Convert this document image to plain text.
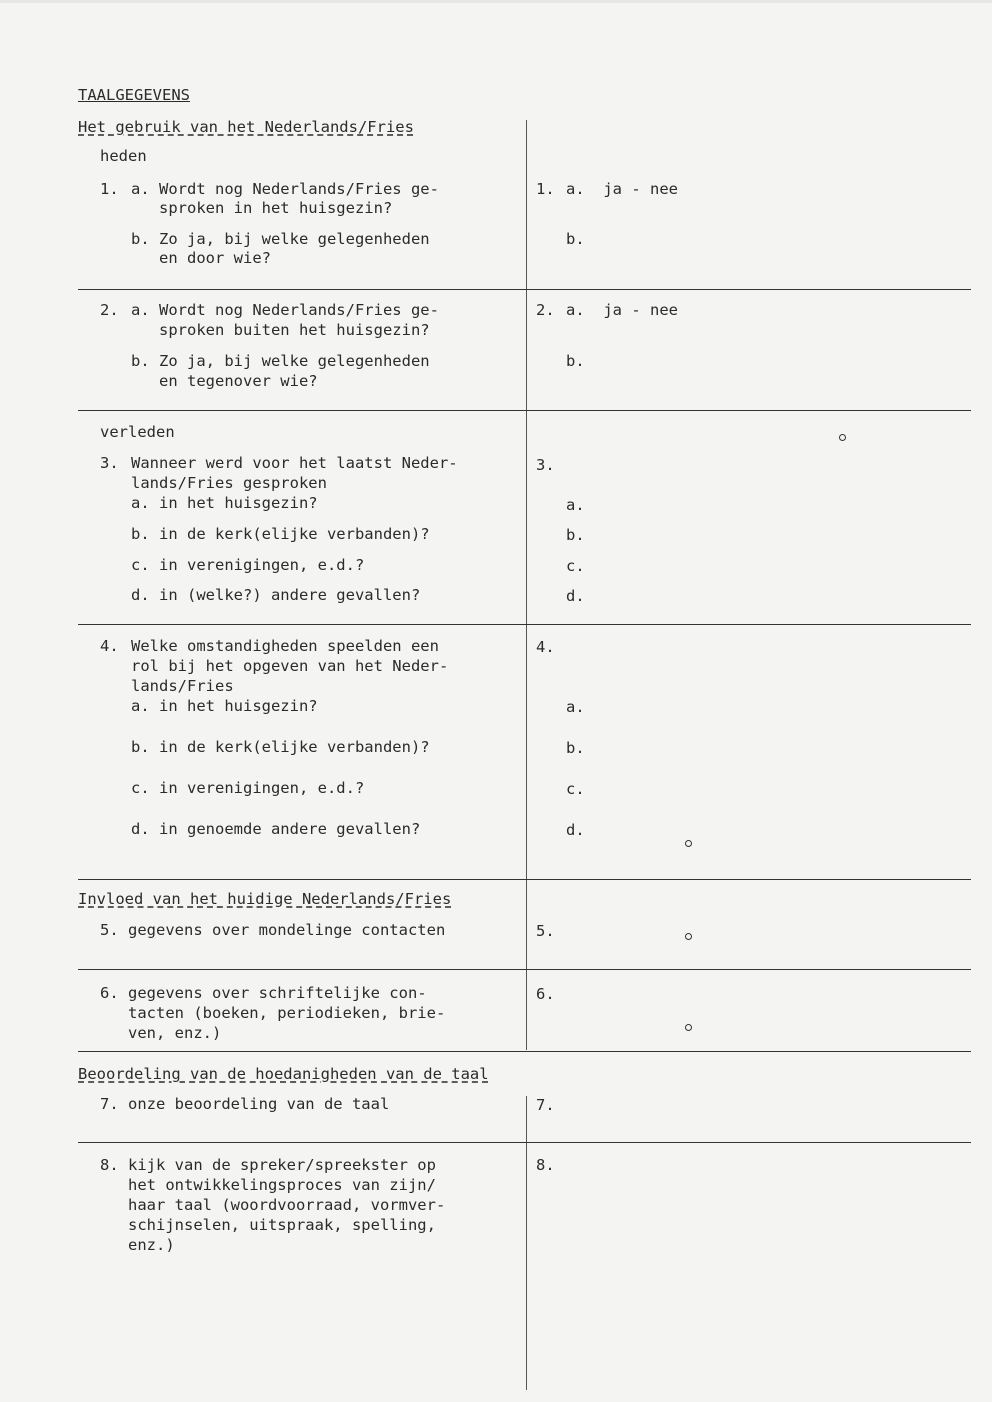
TAALGEGEVENS
Het gebruik van het Nederlands/Fries
heden
1. a. Wordt nog Nederlands/Fries ge-
sproken in het huisgezin?
b. Zo ja, bij welke gelegenheden
en door wie?
1. a.  ja - nee
b.
2. a. Wordt nog Nederlands/Fries ge-
sproken buiten het huisgezin?
b. Zo ja, bij welke gelegenheden
en tegenover wie?
2. a.  ja - nee
b.
verleden
3. Wanneer werd voor het laatst Neder-
lands/Fries gesproken
a. in het huisgezin?
b. in de kerk(elijke verbanden)?
c. in verenigingen, e.d.?
d. in (welke?) andere gevallen?
3.
a.
b.
c.
d.
4. Welke omstandigheden speelden een
rol bij het opgeven van het Neder-
lands/Fries
a. in het huisgezin?
b. in de kerk(elijke verbanden)?
c. in verenigingen, e.d.?
d. in genoemde andere gevallen?
4.
a.
b.
c.
d.
Invloed van het huidige Nederlands/Fries
5. gegevens over mondelinge contacten	5.
6. gegevens over schriftelijke con-
tacten (boeken, periodieken, brie-
ven, enz.)
6.
Beoordeling van de hoedanigheden van de taal
7. onze beoordeling van de taal	7.
8. kijk van de spreker/spreekster op
het ontwikkelingsproces van zijn/
haar taal (woordvoorraad, vormver-
schijnselen, uitspraak, spelling,
enz.)
8.
